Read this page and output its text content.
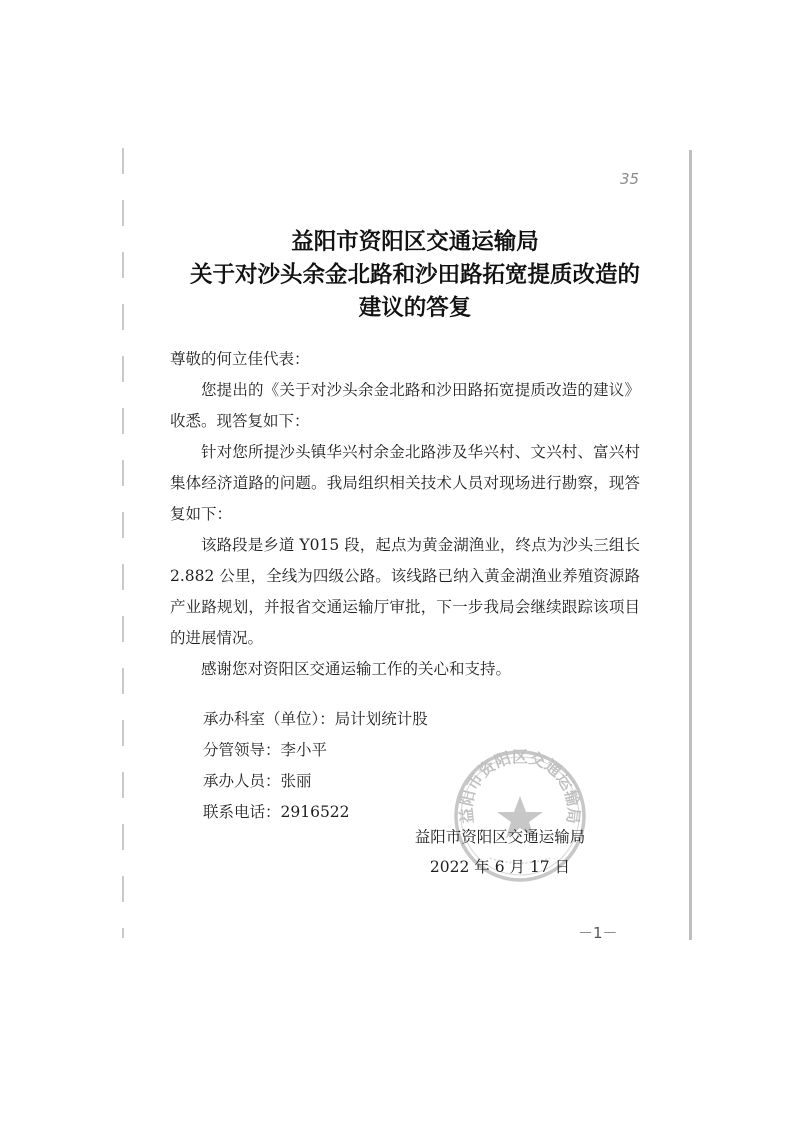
35
益阳市资阳区交通运输局
关于对沙头余金北路和沙田路拓宽提质改造的
建议的答复

尊敬的何立佳代表：

您提出的《关于对沙头余金北路和沙田路拓宽提质改造的建议》收悉。现答复如下：

针对您所提沙头镇华兴村余金北路涉及华兴村、文兴村、富兴村集体经济道路的问题。我局组织相关技术人员对现场进行勘察，现答复如下：

该路段是乡道 Y015 段，起点为黄金湖渔业，终点为沙头三组长 2.882 公里，全线为四级公路。该线路已纳入黄金湖渔业养殖资源路产业路规划，并报省交通运输厅审批，下一步我局会继续跟踪该项目的进展情况。

感谢您对资阳区交通运输工作的关心和支持。

承办科室（单位）：局计划统计股
分管领导：李小平
承办人员：张丽
联系电话：2916522	益阳市资阳区交通运输局
益阳市资阳区交通运输局
2022 年 6 月 17 日
－1－
